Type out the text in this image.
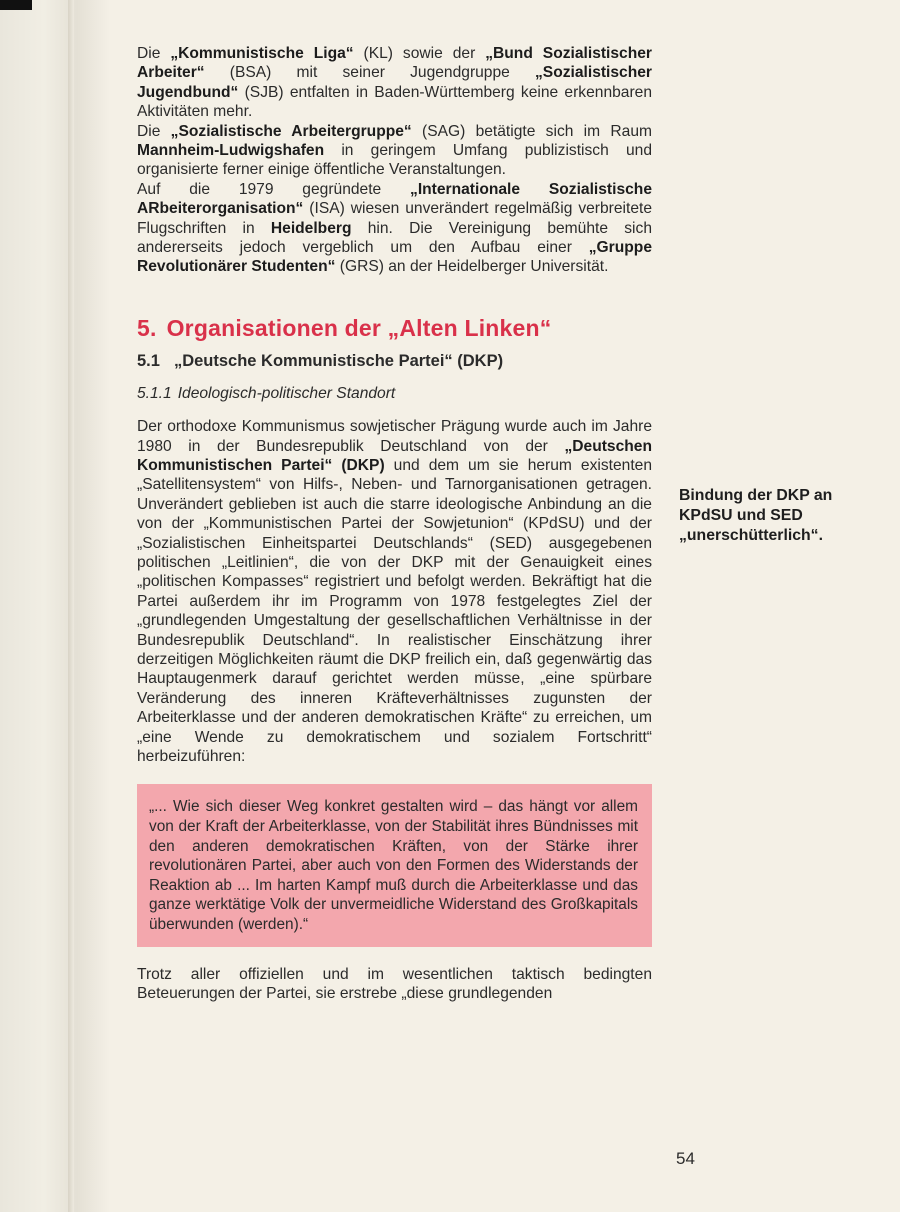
Die „Kommunistische Liga“ (KL) sowie der „Bund Sozialistischer Arbeiter“ (BSA) mit seiner Jugendgruppe „Sozialistischer Jugendbund“ (SJB) entfalten in Baden-Württemberg keine erkennbaren Aktivitäten mehr.

Die „Sozialistische Arbeitergruppe“ (SAG) betätigte sich im Raum Mannheim-Ludwigshafen in geringem Umfang publizistisch und organisierte ferner einige öffentliche Veranstaltungen.

Auf die 1979 gegründete „Internationale Sozialistische ARbeiterorganisation“ (ISA) wiesen unverändert regelmäßig verbreitete Flugschriften in Heidelberg hin. Die Vereinigung bemühte sich andererseits jedoch vergeblich um den Aufbau einer „Gruppe Revolutionärer Studenten“ (GRS) an der Heidelberger Universität.

5. Organisationen der „Alten Linken“
5.1 „Deutsche Kommunistische Partei“ (DKP)
5.1.1 Ideologisch-politischer Standort

Der orthodoxe Kommunismus sowjetischer Prägung wurde auch im Jahre 1980 in der Bundesrepublik Deutschland von der „Deutschen Kommunistischen Partei“ (DKP) und dem um sie herum existenten „Satellitensystem“ von Hilfs-, Neben- und Tarnorganisationen getragen. Unverändert geblieben ist auch die starre ideologische Anbindung an die von der „Kommunistischen Partei der Sowjetunion“ (KPdSU) und der „Sozialistischen Einheitspartei Deutschlands“ (SED) ausgegebenen politischen „Leitlinien“, die von der DKP mit der Genauigkeit eines „politischen Kompasses“ registriert und befolgt werden. Bekräftigt hat die Partei außerdem ihr im Programm von 1978 festgelegtes Ziel der „grundlegenden Umgestaltung der gesellschaftlichen Verhältnisse in der Bundesrepublik Deutschland“. In realistischer Einschätzung ihrer derzeitigen Möglichkeiten räumt die DKP freilich ein, daß gegenwärtig das Hauptaugenmerk darauf gerichtet werden müsse, „eine spürbare Veränderung des inneren Kräfteverhältnisses zugunsten der Arbeiterklasse und der anderen demokratischen Kräfte“ zu erreichen, um „eine Wende zu demokratischem und sozialem Fortschritt“ herbeizuführen:

„... Wie sich dieser Weg konkret gestalten wird – das hängt vor allem von der Kraft der Arbeiterklasse, von der Stabilität ihres Bündnisses mit den anderen demokratischen Kräften, von der Stärke ihrer revolutionären Partei, aber auch von den Formen des Widerstands der Reaktion ab ... Im harten Kampf muß durch die Arbeiterklasse und das ganze werktätige Volk der unvermeidliche Widerstand des Großkapitals überwunden (werden).“

Trotz aller offiziellen und im wesentlichen taktisch bedingten Beteuerungen der Partei, sie erstrebe „diese grundlegenden

Bindung der DKP an KPdSU und SED „unerschütterlich“.
54
